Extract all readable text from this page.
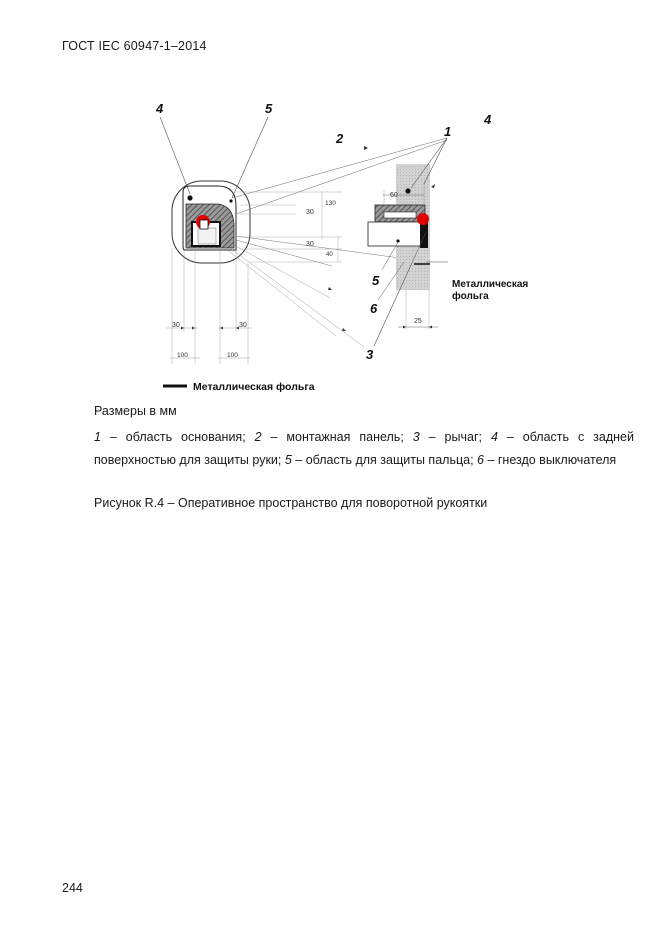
ГОСТ IEC 60947-1–2014
30
130
30
40
30	30
100	100
60
25
4	5
2	1
4
5
6
3
Металлическая
фольга
Металлическая фольга
Размеры в мм
1 – область основания; 2 – монтажная панель; 3 – рычаг; 4 – область с задней поверхностью для защиты руки; 5 – область для защиты пальца; 6 – гнездо выключателя
Рисунок R.4 – Оперативное пространство для поворотной рукоятки
244
